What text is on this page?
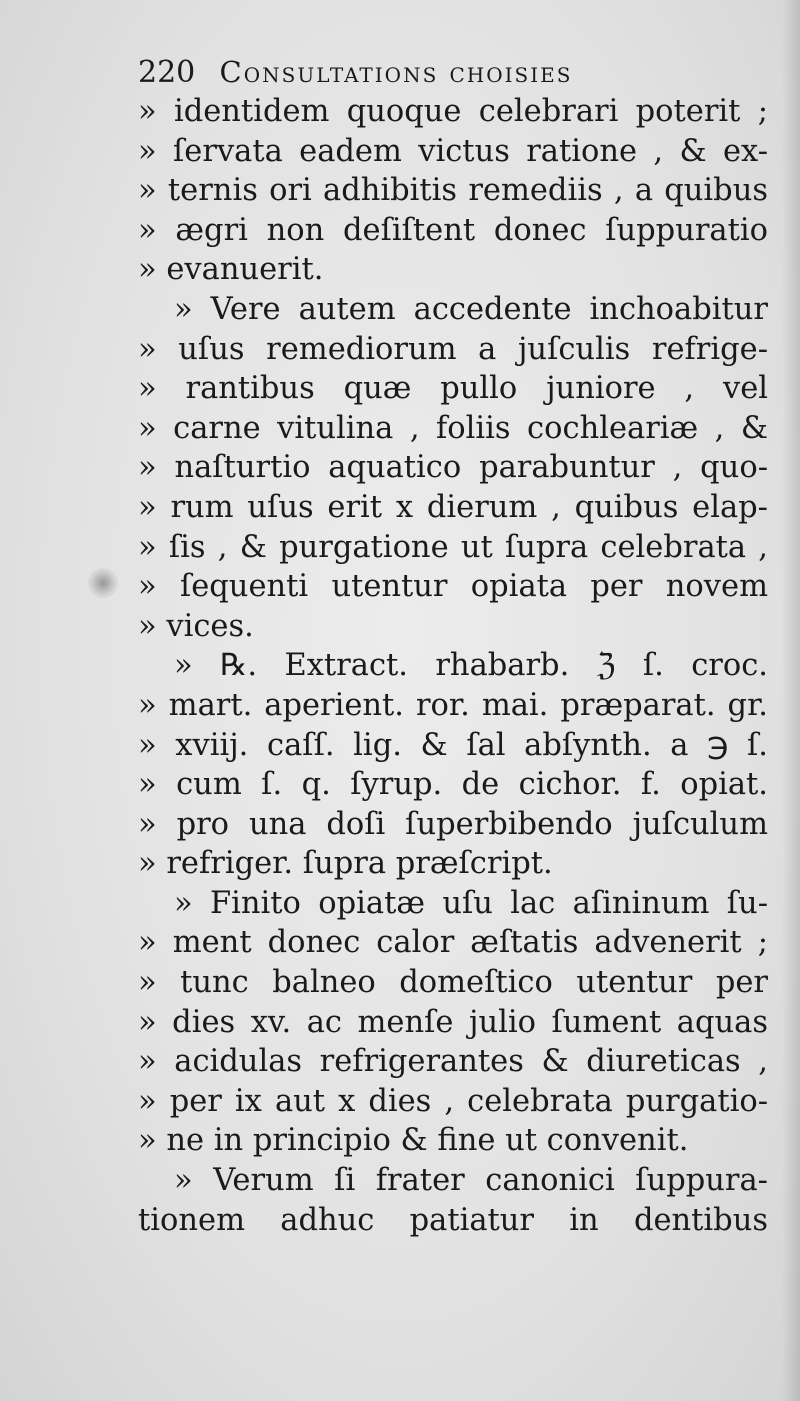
220 Consultations choisies
» identidem quoque celebrari poterit ;
» ſervata eadem victus ratione , & ex-
» ternis ori adhibitis remediis , a quibus
» ægri non deſiſtent donec ſuppuratio
» evanuerit.
» Vere autem accedente inchoabitur
» uſus remediorum a juſculis refrige-
» rantibus quæ pullo juniore , vel
» carne vitulina , foliis cochleariæ , &
» naſturtio aquatico parabuntur , quo-
» rum uſus erit x dierum , quibus elap-
» ſis , & purgatione ut ſupra celebrata ,
» ſequenti utentur opiata per novem
» vices.
» ℞. Extract. rhabarb. ℨ ſ. croc.
» mart. aperient. ror. mai. præparat. gr.
» xviij. caſſ. lig. & ſal abſynth. a ℈ ſ.
» cum ſ. q. ſyrup. de cichor. f. opiat.
» pro una doſi ſuperbibendo juſculum
» refriger. ſupra præſcript.
» Finito opiatæ uſu lac aſininum ſu-
» ment donec calor æſtatis advenerit ;
» tunc balneo domeſtico utentur per
» dies xv. ac menſe julio ſument aquas
» acidulas refrigerantes & diureticas ,
» per ix aut x dies , celebrata purgatio-
» ne in principio & fine ut convenit.
» Verum ſi frater canonici ſuppura-
tionem adhuc patiatur in dentibus
